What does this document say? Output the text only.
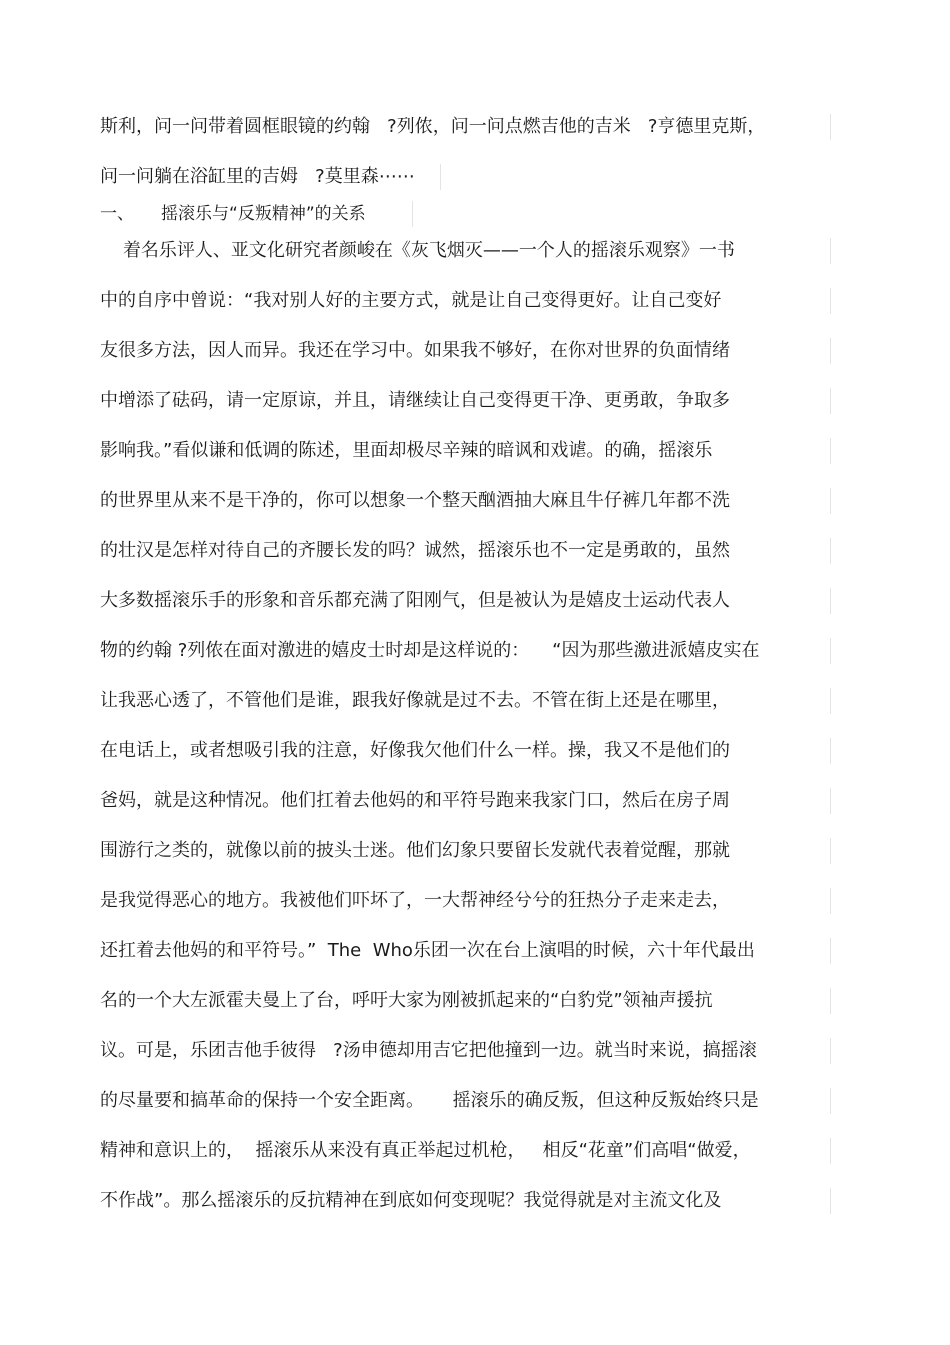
斯利，问一问带着圆框眼镜的约翰   ?列侬，问一问点燃吉他的吉米   ?亨德里克斯，
问一问躺在浴缸里的吉姆   ?莫里森⋯⋯
一、     摇滚乐与“反叛精神”的关系
着名乐评人、亚文化研究者颜峻在《灰飞烟灭——一个人的摇滚乐观察》一书
中的自序中曾说：“我对别人好的主要方式，就是让自己变得更好。让自己变好
友很多方法，因人而异。我还在学习中。如果我不够好，在你对世界的负面情绪
中增添了砝码，请一定原谅，并且，请继续让自己变得更干净、更勇敢，争取多
影响我。”看似谦和低调的陈述，里面却极尽辛辣的暗讽和戏谑。的确，摇滚乐
的世界里从来不是干净的，你可以想象一个整天酗酒抽大麻且牛仔裤几年都不洗
的壮汉是怎样对待自己的齐腰长发的吗？诚然，摇滚乐也不一定是勇敢的，虽然
大多数摇滚乐手的形象和音乐都充满了阳刚气，但是被认为是嬉皮士运动代表人
物的约翰 ?列侬在面对激进的嬉皮士时却是这样说的：    “因为那些激进派嬉皮实在
让我恶心透了，不管他们是谁，跟我好像就是过不去。不管在街上还是在哪里，
在电话上，或者想吸引我的注意，好像我欠他们什么一样。操，我又不是他们的
爸妈，就是这种情况。他们扛着去他妈的和平符号跑来我家门口，然后在房子周
围游行之类的，就像以前的披头士迷。他们幻象只要留长发就代表着觉醒，那就
是我觉得恶心的地方。我被他们吓坏了，一大帮神经兮兮的狂热分子走来走去，
还扛着去他妈的和平符号。”  The  Who乐团一次在台上演唱的时候，六十年代最出
名的一个大左派霍夫曼上了台，呼吁大家为刚被抓起来的“白豹党”领袖声援抗
议。可是，乐团吉他手彼得   ?汤申德却用吉它把他撞到一边。就当时来说，搞摇滚
的尽量要和搞革命的保持一个安全距离。     摇滚乐的确反叛，但这种反叛始终只是
精神和意识上的，  摇滚乐从来没有真正举起过机枪，   相反“花童”们高唱“做爱，
不作战”。那么摇滚乐的反抗精神在到底如何变现呢？我觉得就是对主流文化及
